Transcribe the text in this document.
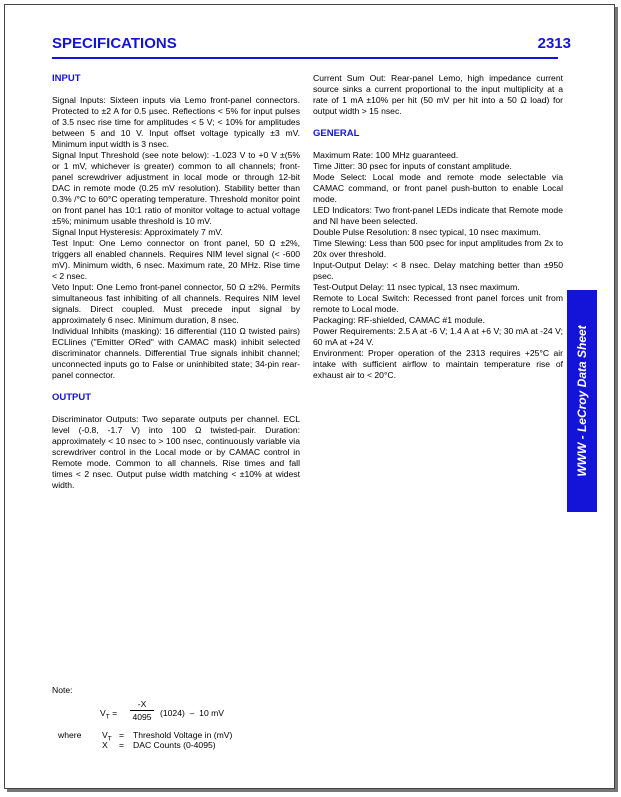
SPECIFICATIONS	2313
INPUT

Signal Inputs: Sixteen inputs via Lemo front-panel connectors. Protected to ±2 A for 0.5 µsec. Reflections < 5% for input pulses of 3.5 nsec rise time for amplitudes < 5 V; < 10% for amplitudes between 5 and 10 V. Input offset voltage typically ±3 mV. Minimum input width is 3 nsec.

Signal Input Threshold (see note below): -1.023 V to +0 V ±(5% or 1 mV, whichever is greater) common to all channels; front-panel screwdriver adjustment in local mode or through 12-bit DAC in remote mode (0.25 mV resolution). Stability better than 0.3% /°C to 60°C operating temperature. Threshold monitor point on front panel has 10:1 ratio of monitor voltage to actual voltage ±5%; minimum usable threshold is 10 mV.

Signal Input Hysteresis: Approximately 7 mV.

Test Input: One Lemo connector on front panel, 50 Ω ±2%, triggers all enabled channels. Requires NIM level signal (< -600 mV). Minimum width, 6 nsec. Maximum rate, 20 MHz. Rise time < 2 nsec.

Veto Input: One Lemo front-panel connector, 50 Ω ±2%. Permits simultaneous fast inhibiting of all channels. Requires NIM level signals. Direct coupled. Must precede input signal by approximately 6 nsec. Minimum duration, 8 nsec.

Individual Inhibits (masking): 16 differential (110 Ω twisted pairs) ECLlines ("Emitter ORed" with CAMAC mask) inhibit selected discriminator channels. Differential True signals inhibit channel; unconnected inputs go to False or uninhibited state; 34-pin rear-panel connector.

OUTPUT

Discriminator Outputs: Two separate outputs per channel. ECL level (-0.8, -1.7 V) into 100 Ω twisted-pair. Duration: approximately < 10 nsec to > 100 nsec, continuously variable via screwdriver control in the Local mode or by CAMAC control in Remote mode. Common to all channels. Rise times and fall times < 2 nsec. Output pulse width matching < ±10% at widest width.

Current Sum Out: Rear-panel Lemo, high impedance current source sinks a current proportional to the input multiplicity at a rate of 1 mA ±10% per hit (50 mV per hit into a 50 Ω load) for output width > 15 nsec.

GENERAL

Maximum Rate: 100 MHz guaranteed.

Time Jitter: 30 psec for inputs of constant amplitude.

Mode Select: Local mode and remote mode selectable via CAMAC command, or front panel push-button to enable Local mode.

LED Indicators: Two front-panel LEDs indicate that Remote mode and NI have been selected.

Double Pulse Resolution: 8 nsec typical, 10 nsec maximum.

Time Slewing: Less than 500 psec for input amplitudes from 2x to 20x over threshold.

Input-Output Delay: < 8 nsec. Delay matching better than ±950 psec.

Test-Output Delay: 11 nsec typical, 13 nsec maximum.

Remote to Local Switch: Recessed front panel forces unit from remote to Local mode.

Packaging: RF-shielded, CAMAC #1 module.

Power Requirements: 2.5 A at -6 V; 1.4 A at +6 V; 30 mA at -24 V; 60 mA at +24 V.

Environment: Proper operation of the 2313 requires +25°C air intake with sufficient airflow to maintain temperature rise of exhaust air to < 20°C.	WWW - LeCroy Data Sheet
Note:
$V_T = \frac{-X}{4095} (1024) - 10$ mV
where $V_T$ = Threshold Voltage in (mV)
X = DAC Counts (0-4095)
